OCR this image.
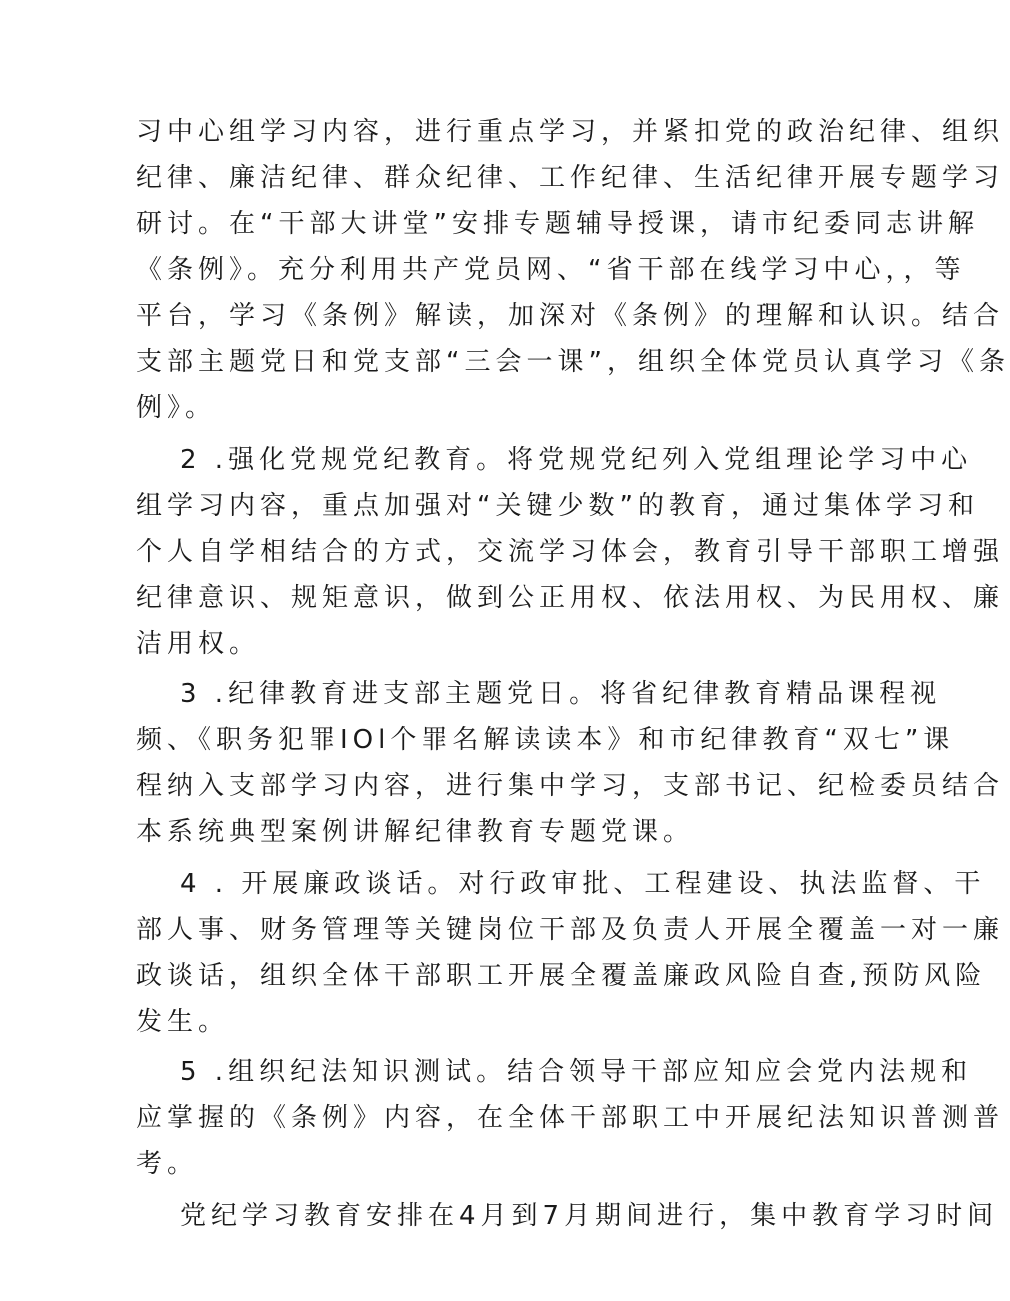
习中心组学习内容，进行重点学习，并紧扣党的政治纪律、组织
纪律、廉洁纪律、群众纪律、工作纪律、生活纪律开展专题学习
研讨。在“干部大讲堂”安排专题辅导授课，请市纪委同志讲解
《条例》。充分利用共产党员网、“省干部在线学习中心，，等
平台，学习《条例》解读，加深对《条例》的理解和认识。结合
支部主题党日和党支部“三会一课”，组织全体党员认真学习《条
例》。
2 .强化党规党纪教育。将党规党纪列入党组理论学习中心
组学习内容，重点加强对“关键少数”的教育，通过集体学习和
个人自学相结合的方式，交流学习体会，教育引导干部职工增强
纪律意识、规矩意识，做到公正用权、依法用权、为民用权、廉
洁用权。
3 .纪律教育进支部主题党日。将省纪律教育精品课程视
频、《职务犯罪IOl个罪名解读读本》和市纪律教育“双七”课
程纳入支部学习内容，进行集中学习，支部书记、纪检委员结合
本系统典型案例讲解纪律教育专题党课。
4 . 开展廉政谈话。对行政审批、工程建设、执法监督、干
部人事、财务管理等关键岗位干部及负责人开展全覆盖一对一廉
政谈话，组织全体干部职工开展全覆盖廉政风险自查,预防风险
发生。
5 .组织纪法知识测试。结合领导干部应知应会党内法规和
应掌握的《条例》内容，在全体干部职工中开展纪法知识普测普
考。
党纪学习教育安排在4月到7月期间进行，集中教育学习时间
